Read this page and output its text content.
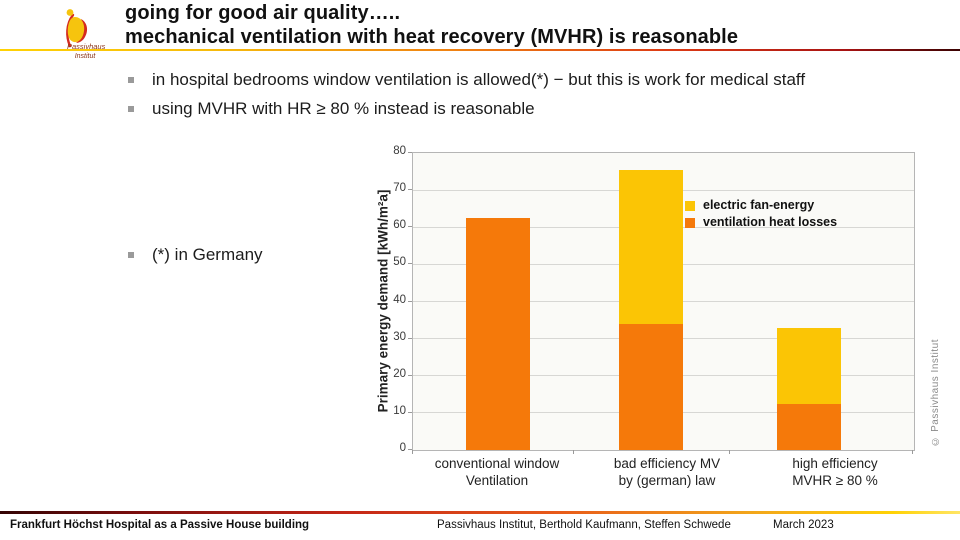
Passivhaus
Institut
going for good air quality…..
mechanical ventilation with heat recovery (MVHR) is reasonable
in hospital bedrooms window ventilation is allowed(*) − but this is work for medical staff
using MVHR with HR ≥ 80 % instead is reasonable
(*) in Germany	Primary energy demand [kWh/m²a]	© Passivhaus Institut
0
10
20
30
40
50
60
70
80
conventional window
Ventilation
bad efficiency MV
by (german) law
high efficiency
MVHR ≥ 80 %
electric fan-energy
ventilation heat losses
Frankfurt Höchst Hospital as a Passive House building	Passivhaus Institut, Berthold Kaufmann, Steffen Schwede	March 2023
